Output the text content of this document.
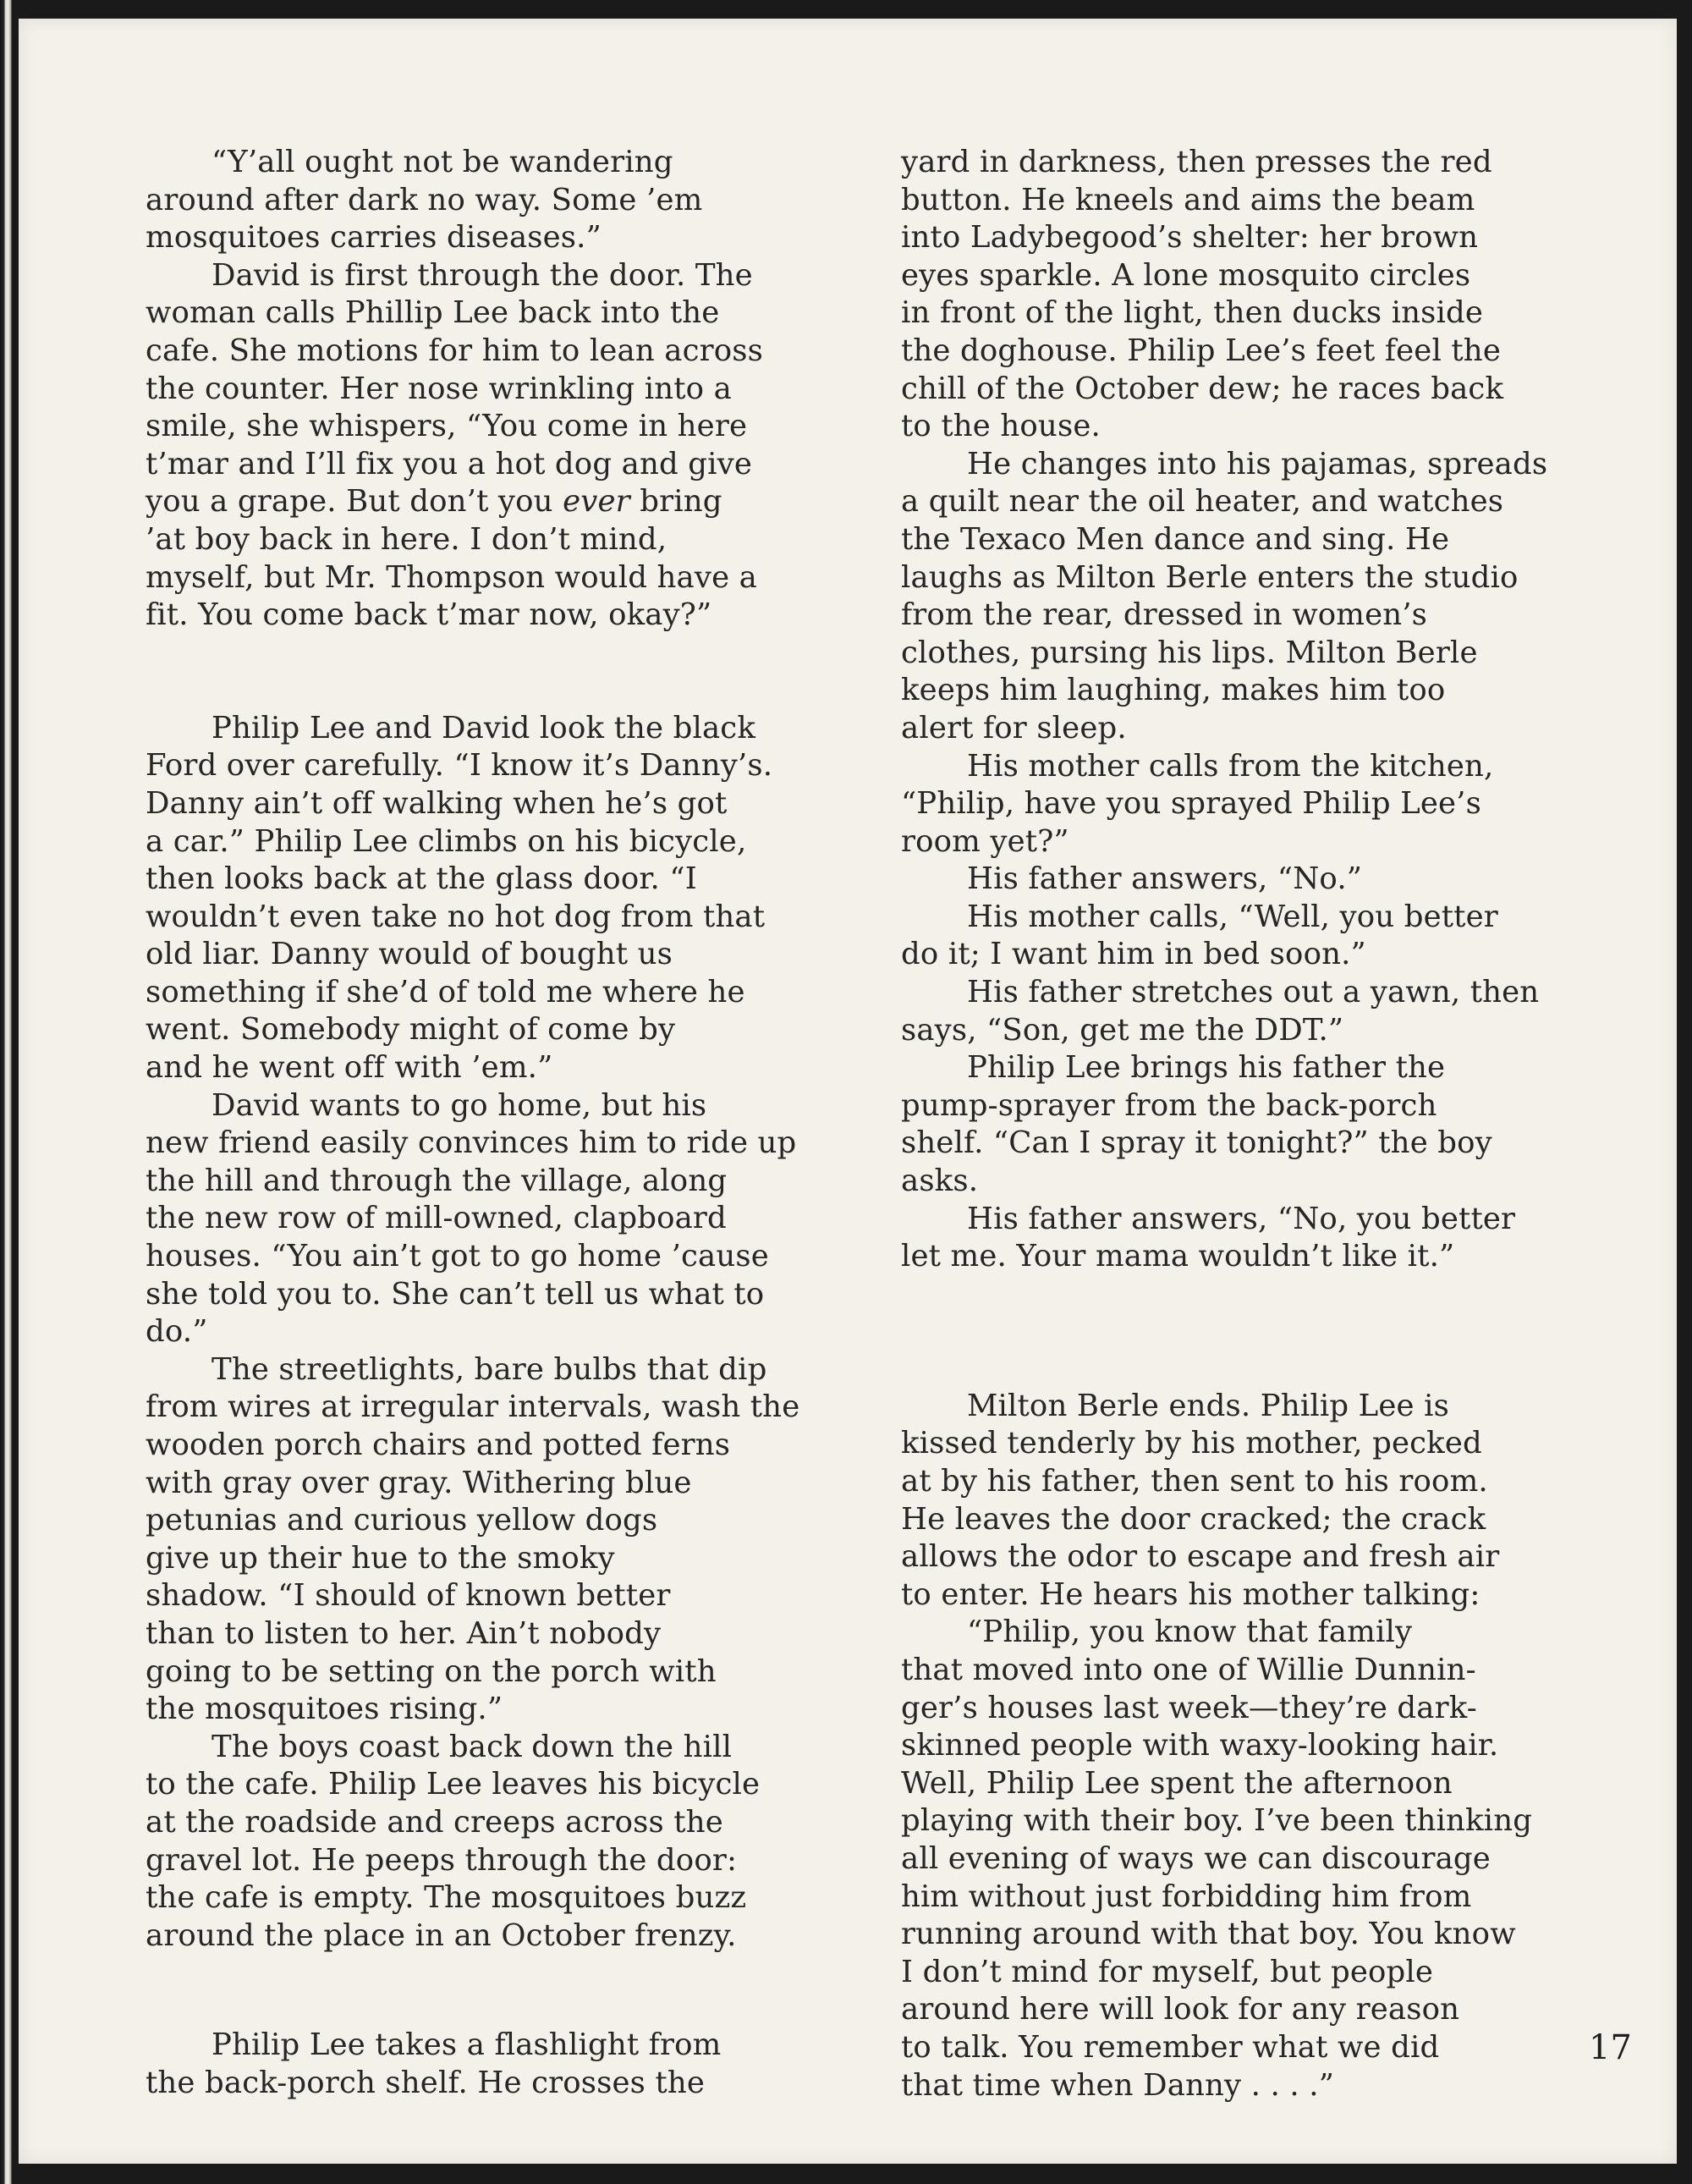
“Y’all ought not be wandering

around after dark no way. Some ’em
mosquitoes carries diseases.”

David is first through the door. The

woman calls Phillip Lee back into the
cafe. She motions for him to lean across
the counter. Her nose wrinkling into a
smile, she whispers, “You come in here
t’mar and I’ll fix you a hot dog and give
you a grape. But don’t you ever bring
’at boy back in here. I don’t mind,
myself, but Mr. Thompson would have a
fit. You come back t’mar now, okay?”

Philip Lee and David look the black

Ford over carefully. “I know it’s Danny’s.
Danny ain’t off walking when he’s got
a car.” Philip Lee climbs on his bicycle,
then looks back at the glass door. “I
wouldn’t even take no hot dog from that
old liar. Danny would of bought us
something if she’d of told me where he
went. Somebody might of come by
and he went off with ’em.”

David wants to go home, but his

new friend easily convinces him to ride up
the hill and through the village, along
the new row of mill-owned, clapboard
houses. “You ain’t got to go home ’cause
she told you to. She can’t tell us what to
do.”

The streetlights, bare bulbs that dip

from wires at irregular intervals, wash the
wooden porch chairs and potted ferns
with gray over gray. Withering blue
petunias and curious yellow dogs
give up their hue to the smoky
shadow. “I should of known better
than to listen to her. Ain’t nobody
going to be setting on the porch with
the mosquitoes rising.”

The boys coast back down the hill

to the cafe. Philip Lee leaves his bicycle
at the roadside and creeps across the
gravel lot. He peeps through the door:
the cafe is empty. The mosquitoes buzz
around the place in an October frenzy.

Philip Lee takes a flashlight from

the back-porch shelf. He crosses the

yard in darkness, then presses the red
button. He kneels and aims the beam
into Ladybegood’s shelter: her brown
eyes sparkle. A lone mosquito circles
in front of the light, then ducks inside
the doghouse. Philip Lee’s feet feel the
chill of the October dew; he races back
to the house.

He changes into his pajamas, spreads

a quilt near the oil heater, and watches
the Texaco Men dance and sing. He
laughs as Milton Berle enters the studio
from the rear, dressed in women’s
clothes, pursing his lips. Milton Berle
keeps him laughing, makes him too
alert for sleep.

His mother calls from the kitchen,

“Philip, have you sprayed Philip Lee’s
room yet?”

His father answers, “No.”

His mother calls, “Well, you better

do it; I want him in bed soon.”

His father stretches out a yawn, then

says, “Son, get me the DDT.”

Philip Lee brings his father the

pump-sprayer from the back-porch
shelf. “Can I spray it tonight?” the boy
asks.

His father answers, “No, you better

let me. Your mama wouldn’t like it.”

Milton Berle ends. Philip Lee is

kissed tenderly by his mother, pecked
at by his father, then sent to his room.
He leaves the door cracked; the crack
allows the odor to escape and fresh air
to enter. He hears his mother talking:

“Philip, you know that family

that moved into one of Willie Dunnin-
ger’s houses last week—they’re dark-
skinned people with waxy-looking hair.
Well, Philip Lee spent the afternoon
playing with their boy. I’ve been thinking
all evening of ways we can discourage
him without just forbidding him from
running around with that boy. You know
I don’t mind for myself, but people
around here will look for any reason
to talk. You remember what we did
that time when Danny . . . .”

17
